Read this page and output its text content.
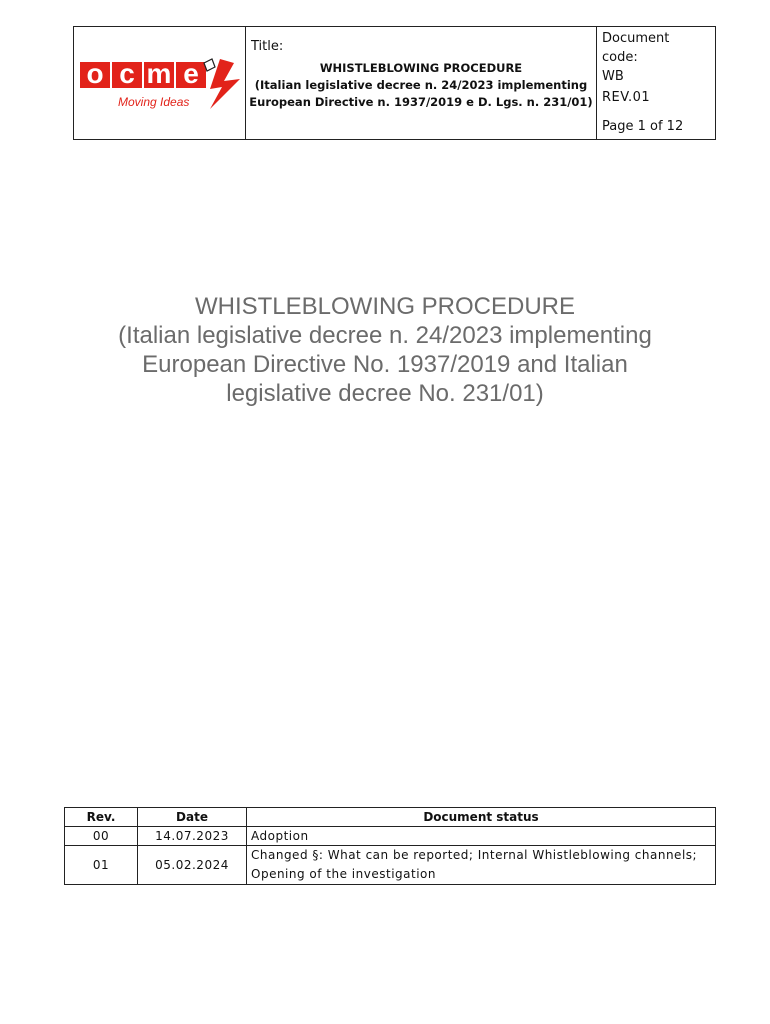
o c m e
Moving Ideas
Title:
WHISTLEBLOWING PROCEDURE
(Italian legislative decree n. 24/2023 implementing
European Directive n. 1937/2019 e D. Lgs. n. 231/01)
Document
code:
WB
REV.01
Page 1 of 12
WHISTLEBLOWING PROCEDURE
(Italian legislative decree n. 24/2023 implementing
European Directive No. 1937/2019 and Italian
legislative decree No. 231/01)
Rev.	Date	Document status
00	14.07.2023	Adoption
01	05.02.2024	Changed §: What can be reported; Internal Whistleblowing channels;
Opening of the investigation
